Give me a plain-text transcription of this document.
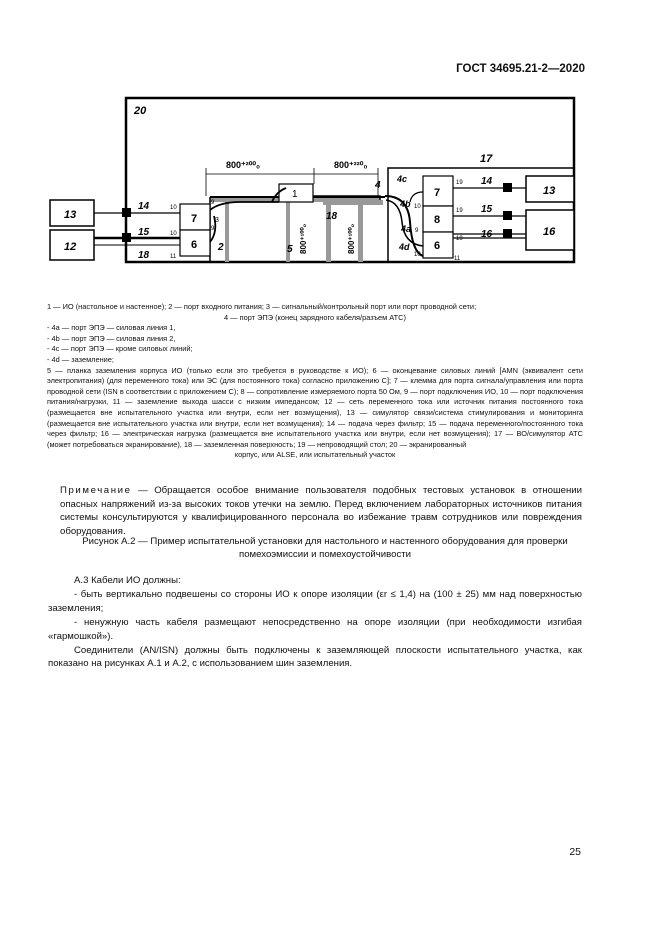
ГОСТ 34695.21-2—2020
20
17
13
12
13
16
14
15
18
14
15
16
7
6
7
8
6
1
4
4c
4b
4a
4d
2	5
3	18
9
9	9
10
10
10
10
11	11
19
19
19
800⁺²⁰⁰₀	800⁺²²⁰₀
800⁺¹⁰⁰₀	800⁺¹⁰⁰₀

1 — ИО (настольное и настенное); 2 — порт входного питания; 3 — сигнальный/контрольный порт или порт проводной сети;

4 — порт ЭПЭ (конец зарядного кабеля/разъем АТС)

- 4a — порт ЭПЭ — силовая линия 1,

- 4b — порт ЭПЭ — силовая линия 2,

- 4c — порт ЭПЭ — кроме силовых линий;

- 4d — заземление;

5 — планка заземления корпуса ИО (только если это требуется в руководстве к ИО); 6 — оконцевание силовых линий [AMN (эквивалент сети электропитания) (для переменного тока) или ЭС (для постоянного тока) согласно приложению C]; 7 — клемма для порта сигнала/управления или порта проводной сети (ISN в соответствии с приложением C); 8 — сопротивление измеряемого порта 50 Ом, 9 — порт подключения ИО, 10 — порт подключения питания/нагрузки, 11 — заземление выхода шасси с низким импедансом; 12 — сеть переменного тока или источник питания постоянного тока (размещается вне испытательного участка или внутри, если нет возмущения), 13 — симулятор связи/система стимулирования и мониторинга (размещается вне испытательного участка или внутри, если нет возмущения); 14 — подача через фильтр; 15 — подача переменного/постоянного тока через фильтр; 16 — электрическая нагрузка (размещается вне испытательного участка или внутри, если нет возмущения); 17 — ВО/симулятор АТС (может потребоваться экранирование), 18 — заземленная поверхность; 19 — непроводящий стол; 20 — экранированный

корпус, или ALSE, или испытательный участок

Примечание — Обращается особое внимание пользователя подобных тестовых установок в отношении опасных напряжений из-за высоких токов утечки на землю. Перед включением лабораторных источников питания системы консультируются у квалифицированного персонала во избежание травм сотрудников или повреждения оборудования.
Рисунок А.2 — Пример испытательной установки для настольного и настенного оборудования для проверки
помехоэмиссии и помехоустойчивости

А.3 Кабели ИО должны:

- быть вертикально подвешены со стороны ИО к опоре изоляции (εr ≤ 1,4) на (100 ± 25) мм над поверхностью заземления;

- ненужную часть кабеля размещают непосредственно на опоре изоляции (при необходимости изгибая «гармошкой»).

Соединители (AN/ISN) должны быть подключены к заземляющей плоскости испытательного участка, как показано на рисунках А.1 и А.2, с использованием шин заземления.

25
